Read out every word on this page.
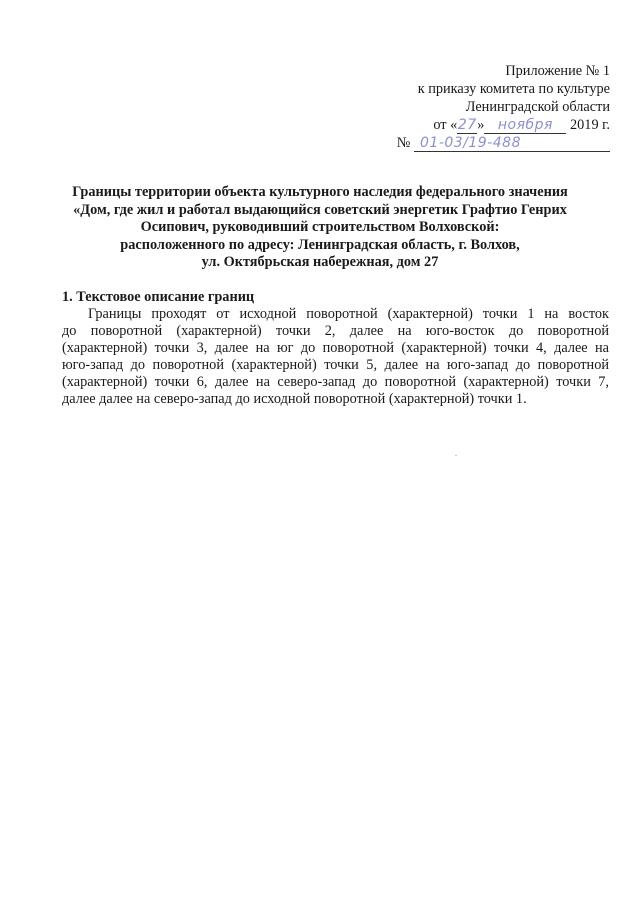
Приложение № 1
к приказу комитета по культуре
Ленинградской области
от «27» ноября 2019 г.
№ 01-03/19-488
Границы территории объекта культурного наследия федерального значения
«Дом, где жил и работал выдающийся советский энергетик Графтио Генрих
Осипович, руководивший строительством Волховской:
расположенного по адресу: Ленинградская область, г. Волхов,
ул. Октябрьская набережная, дом 27
1. Текстовое описание границ
Границы проходят от исходной поворотной (характерной) точки 1 на восток
до поворотной (характерной) точки 2, далее на юго-восток до поворотной
(характерной) точки 3, далее на юг до поворотной (характерной) точки 4, далее на
юго-запад до поворотной (характерной) точки 5, далее на юго-запад до поворотной
(характерной) точки 6, далее на северо-запад до поворотной (характерной) точки 7,
далее далее на северо-запад до исходной поворотной (характерной) точки 1.
